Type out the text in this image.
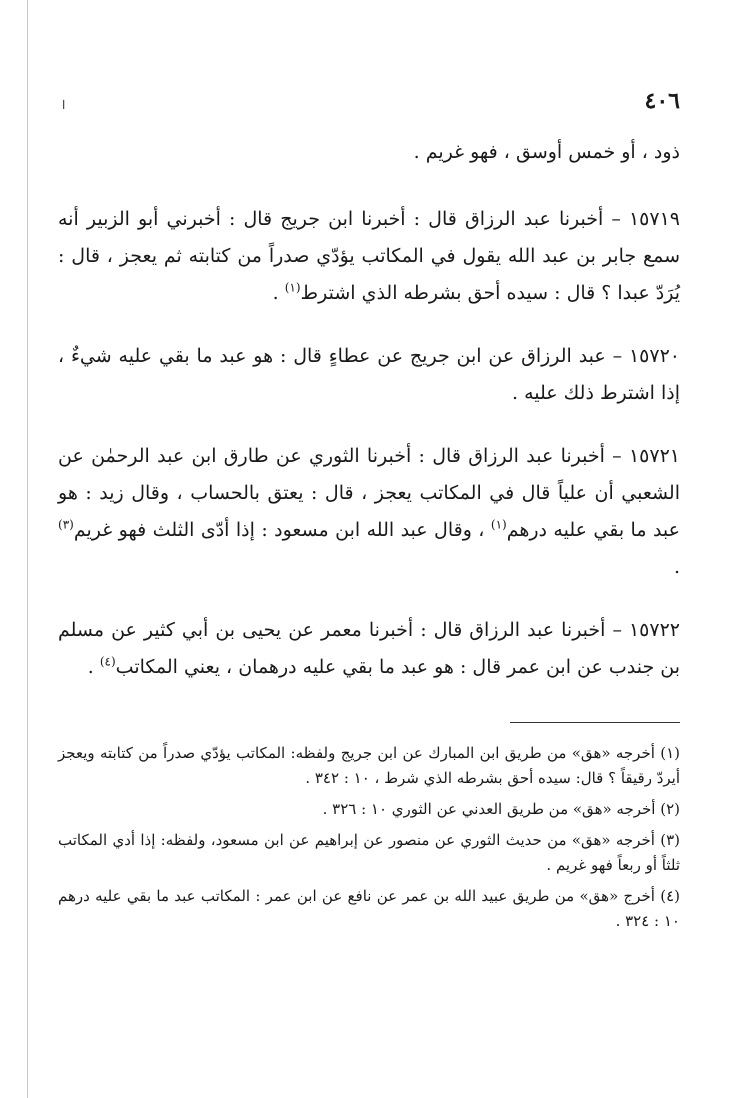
ا	٤٠٦

ذود ، أو خمس أوسق ، فهو غريم .

١٥٧١٩ – أخبرنا عبد الرزاق قال : أخبرنا ابن جريج قال : أخبرني أبو الزبير أنه سمع جابر بن عبد الله يقول في المكاتب يؤدّي صدراً من كتابته ثم يعجز ، قال : يُرَدّ عبدا ؟ قال : سيده أحق بشرطه الذي اشترط$^{(١)}$ .

١٥٧٢٠ – عبد الرزاق عن ابن جريج عن عطاءٍ قال : هو عبد ما بقي عليه شيءٌ ، إذا اشترط ذلك عليه .

١٥٧٢١ – أخبرنا عبد الرزاق قال : أخبرنا الثوري عن طارق ابن عبد الرحمٰن عن الشعبي أن علياً قال في المكاتب يعجز ، قال : يعتق بالحساب ، وقال زيد : هو عبد ما بقي عليه درهم$^{(١)}$ ، وقال عبد الله ابن مسعود : إذا أدّى الثلث فهو غريم$^{(٣)}$ .

١٥٧٢٢ – أخبرنا عبد الرزاق قال : أخبرنا معمر عن يحيى بن أبي كثير عن مسلم بن جندب عن ابن عمر قال : هو عبد ما بقي عليه درهمان ، يعني المكاتب$^{(٤)}$ .

(١) أخرجه «هق» من طريق ابن المبارك عن ابن جريج ولفظه: المكاتب يؤدّي صدراً من كتابته ويعجز أيردّ رقيقاً ؟ قال: سيده أحق بشرطه الذي شرط ، ١٠ : ٣٤٢ .

(٢) أخرجه «هق» من طريق العدني عن الثوري ١٠ : ٣٢٦ .

(٣) أخرجه «هق» من حديث الثوري عن منصور عن إبراهيم عن ابن مسعود، ولفظه: إذا أدي المكاتب ثلثاً أو ربعاً فهو غريم .

(٤) أخرج «هق» من طريق عبيد الله بن عمر عن نافع عن ابن عمر : المكاتب عبد ما بقي عليه درهم ١٠ : ٣٢٤ .
